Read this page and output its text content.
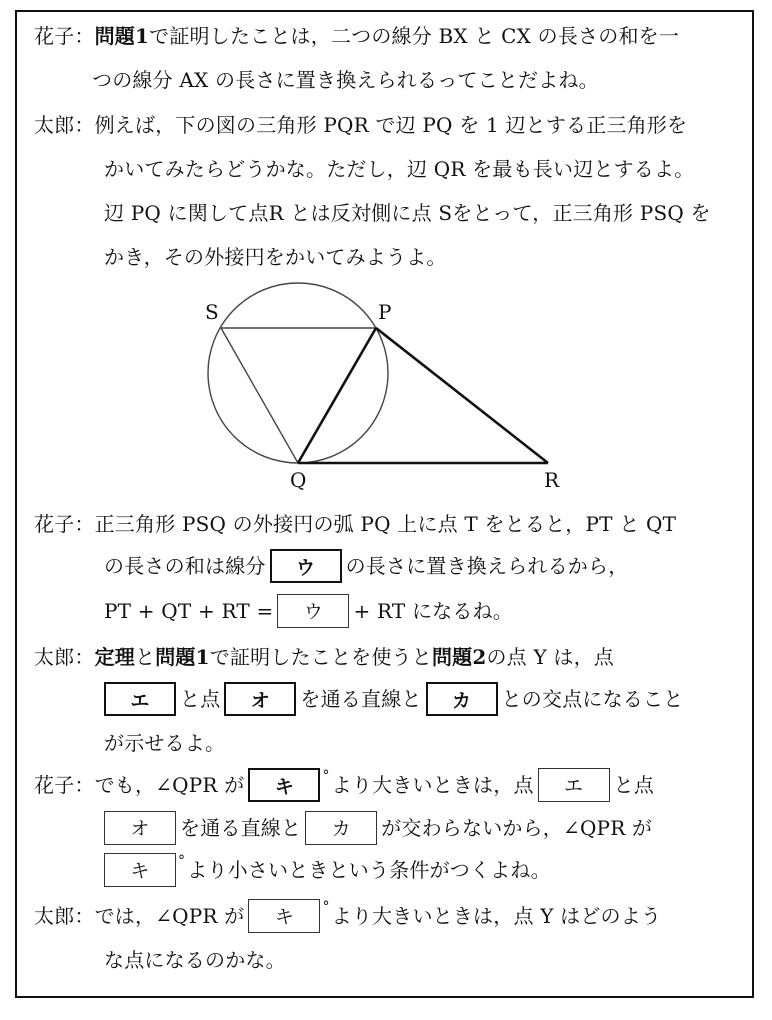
花子：問題1で証明したことは，二つの線分 BX と CX の長さの和を一
つの線分 AX の長さに置き換えられるってことだよね。
太郎：例えば，下の図の三角形 PQR で辺 PQ を 1 辺とする正三角形を
かいてみたらどうかな。ただし，辺 QR を最も長い辺とするよ。
辺 PQ に関して点R とは反対側に点 Sをとって，正三角形 PSQ を
かき，その外接円をかいてみようよ。
S	P
Q	R
花子：正三角形 PSQ の外接円の弧 PQ 上に点 T をとると，PT と QT
の長さの和は線分 ウ の長さに置き換えられるから，
PT + QT + RT = ウ + RT になるね。
太郎：定理と問題1で証明したことを使うと問題2の点 Y は，点
エ と点 オ を通る直線と カ との交点になること
が示せるよ。
花子：でも，∠QPR が キ ° より大きいときは，点 エ と点
オ を通る直線と カ が交わらないから，∠QPR が
キ ° より小さいときという条件がつくよね。
太郎：では，∠QPR が キ ° より大きいときは，点 Y はどのよう
な点になるのかな。
